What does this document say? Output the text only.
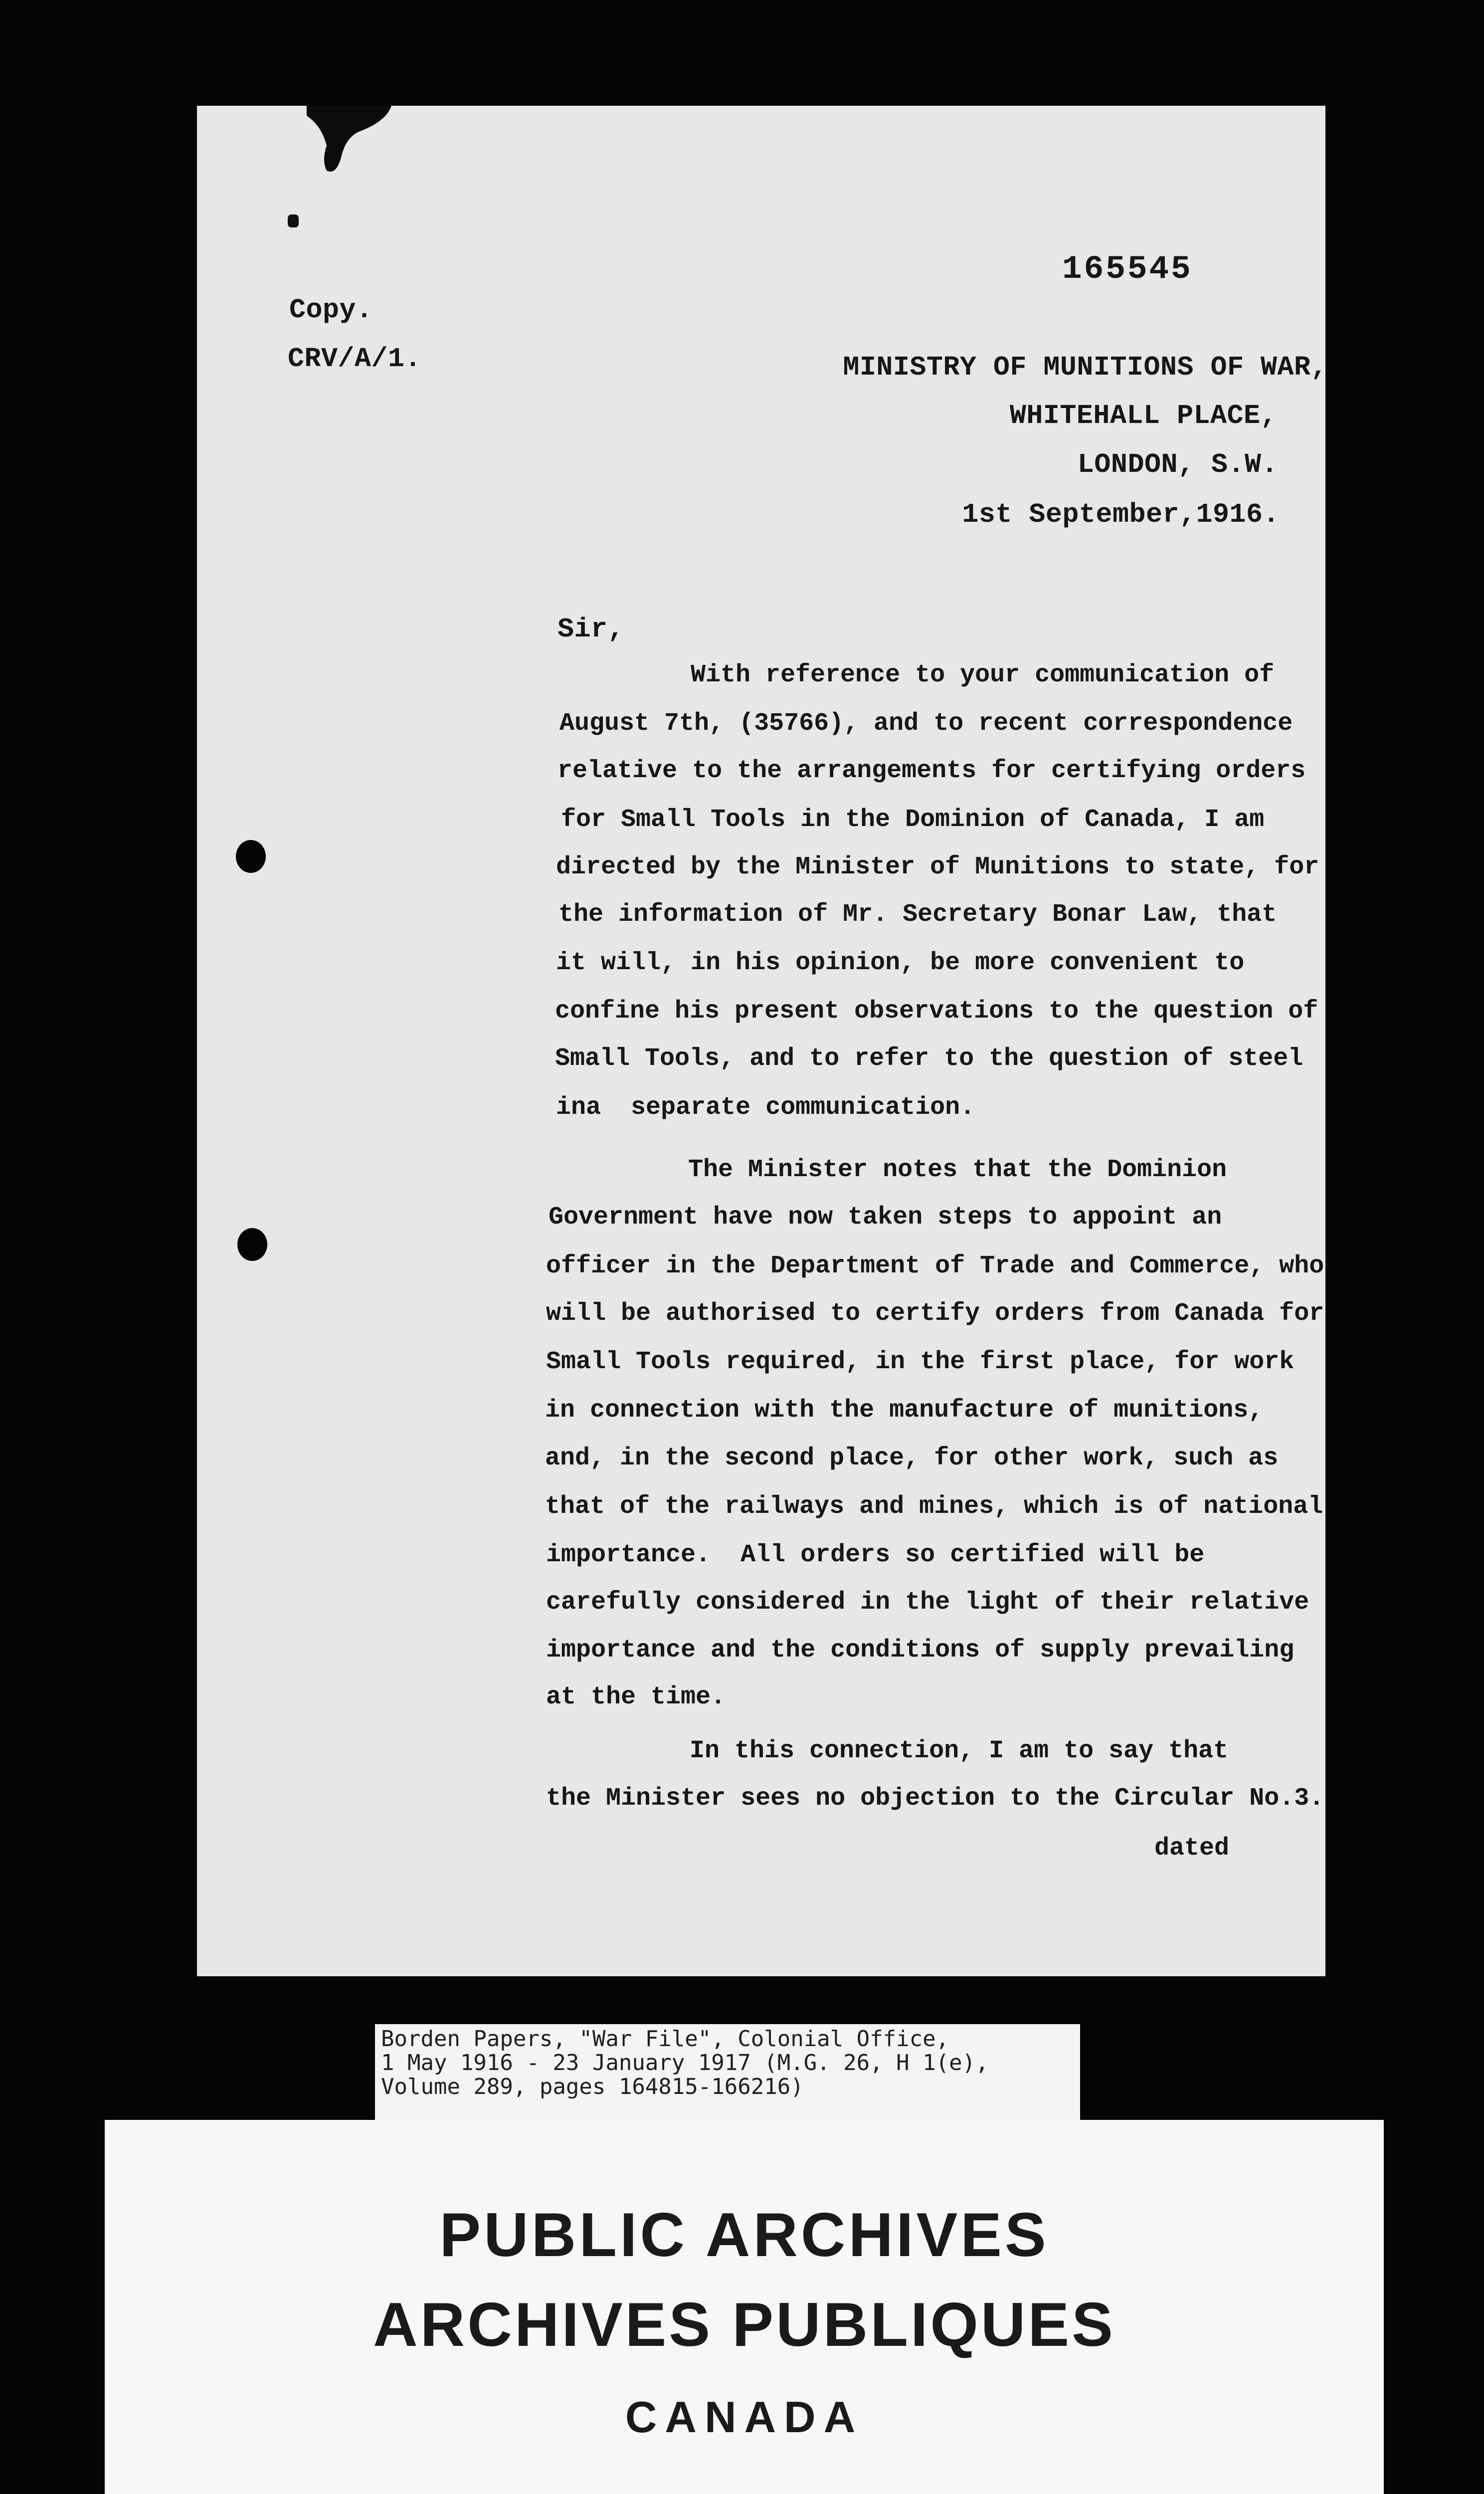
165545
Copy.
CRV/A/1.	MINISTRY OF MUNITIONS OF WAR,
WHITEHALL PLACE,
LONDON, S.W.
1st September,1916.
Sir,
With reference to your communication of
August 7th, (35766), and to recent correspondence
relative to the arrangements for certifying orders
for Small Tools in the Dominion of Canada, I am
directed by the Minister of Munitions to state, for
the information of Mr. Secretary Bonar Law, that
it will, in his opinion, be more convenient to
confine his present observations to the question of
Small Tools, and to refer to the question of steel
ina  separate communication.
The Minister notes that the Dominion
Government have now taken steps to appoint an
officer in the Department of Trade and Commerce, who
will be authorised to certify orders from Canada for
Small Tools required, in the first place, for work
in connection with the manufacture of munitions,
and, in the second place, for other work, such as
that of the railways and mines, which is of national
importance.  All orders so certified will be
carefully considered in the light of their relative
importance and the conditions of supply prevailing
at the time.
In this connection, I am to say that
the Minister sees no objection to the Circular No.3.
dated
Borden Papers, "War File", Colonial Office,
1 May 1916 - 23 January 1917 (M.G. 26, H 1(e),
Volume 289, pages 164815-166216)
PUBLIC ARCHIVES
ARCHIVES PUBLIQUES
CANADA
